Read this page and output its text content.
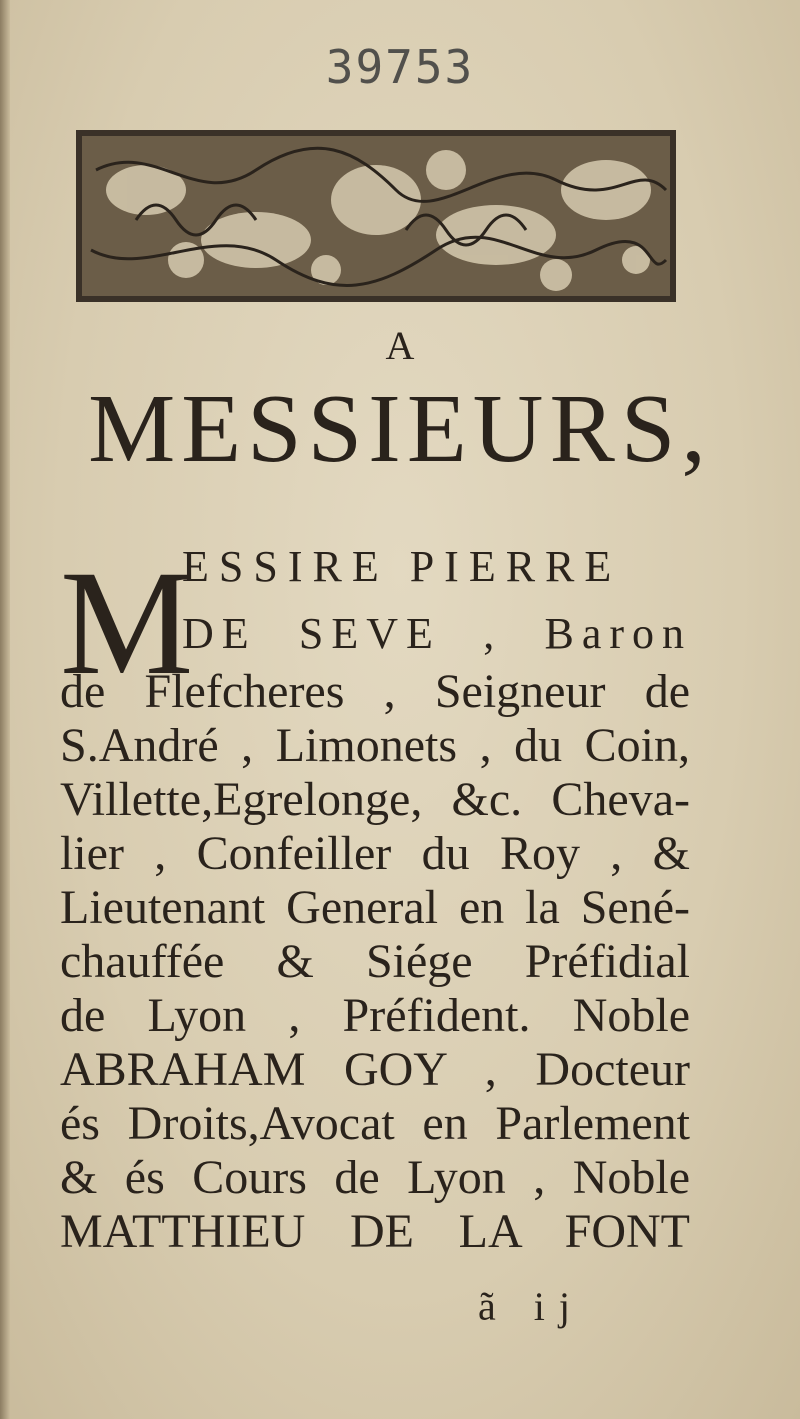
39753
A
MESSIEURS,
M
ESSIRE PIERRE
DE SEVE , Baron
de Flefcheres , Seigneur de
S.André , Limonets , du Coin,
Villette,Egrelonge, &c. Cheva-
lier , Confeiller du Roy , &
Lieutenant General en la Sené-
chauffée & Siége Préfidial
de Lyon , Préfident. Noble
ABRAHAM GOY , Docteur
és Droits,Avocat en Parlement
& és Cours de Lyon , Noble
MATTHIEU DE LA FONT
ã ij
